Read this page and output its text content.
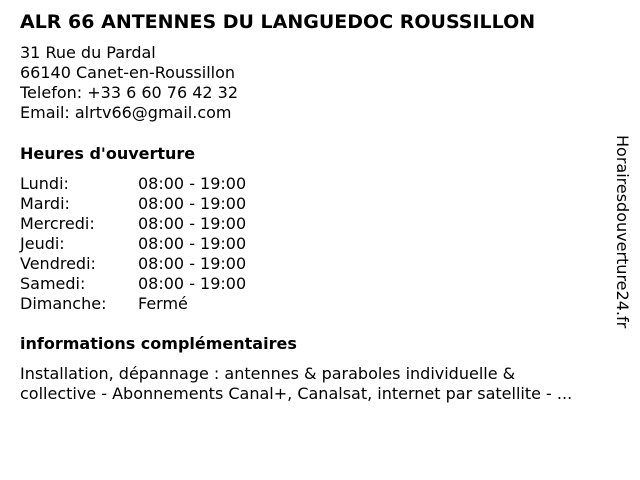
ALR 66 ANTENNES DU LANGUEDOC ROUSSILLON
31 Rue du Pardal
66140 Canet-en-Roussillon
Telefon: +33 6 60 76 42 32
Email: alrtv66@gmail.com
Heures d'ouverture
Lundi:	08:00 - 19:00
Mardi:	08:00 - 19:00
Mercredi:	08:00 - 19:00
Jeudi:	08:00 - 19:00
Vendredi:	08:00 - 19:00
Samedi:	08:00 - 19:00
Dimanche:	Fermé
informations complémentaires
Installation, dépannage : antennes & paraboles individuelle &
collective - Abonnements Canal+, Canalsat, internet par satellite - ...
Horairesdouverture24.fr
